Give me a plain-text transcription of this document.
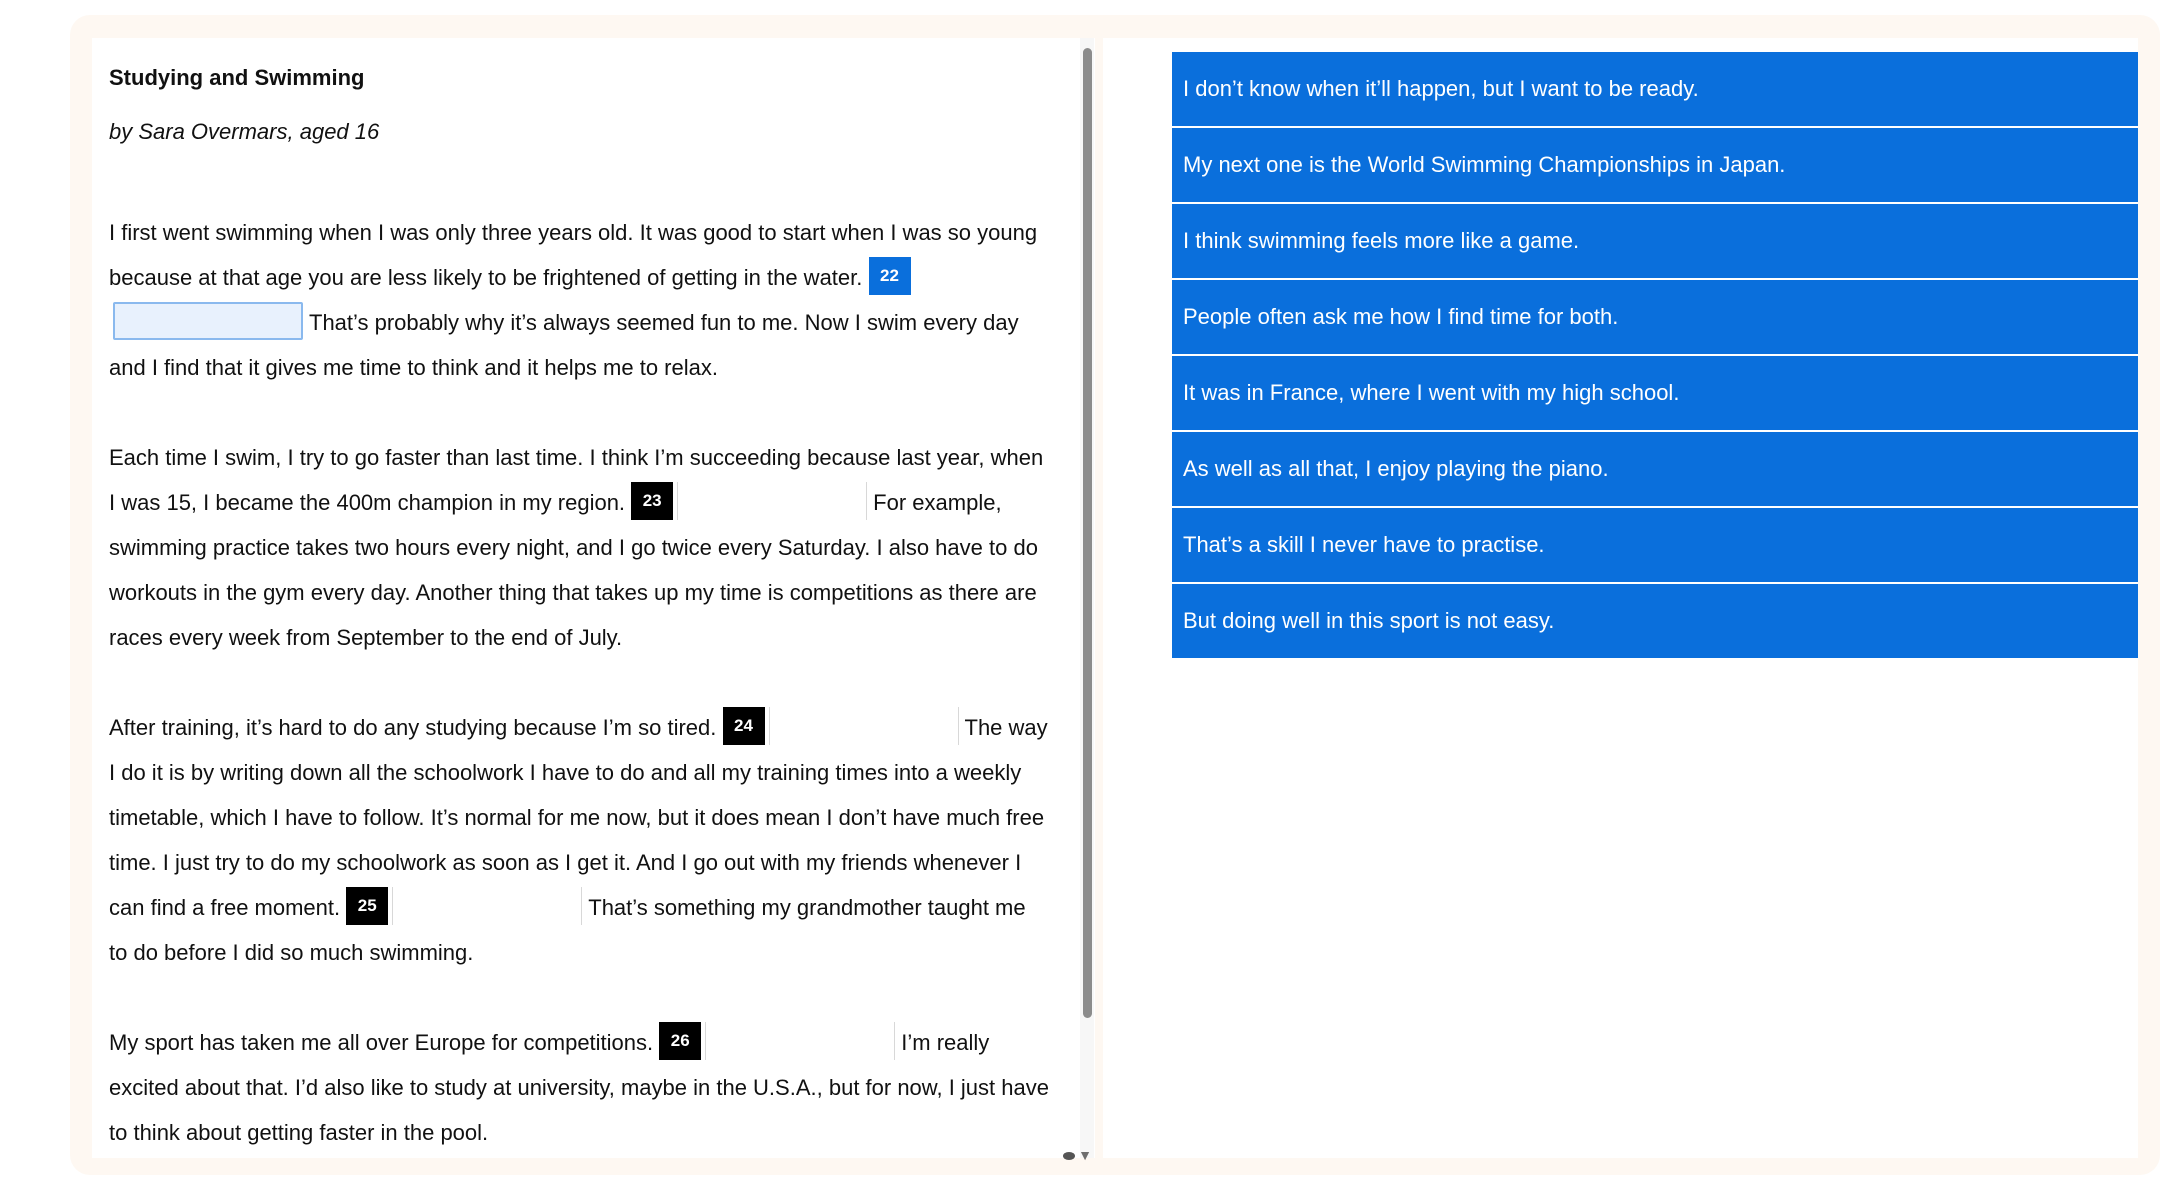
Studying and Swimming
by Sara Overmars, aged 16

I first went swimming when I was only three years old. It was good to start when I was so young because at that age you are less likely to be frightened of getting in the water. 22That’s probably why it’s always seemed fun to me. Now I swim every day and I find that it gives me time to think and it helps me to relax.

Each time I swim, I try to go faster than last time. I think I’m succeeding because last year, when I was 15, I became the 400m champion in my region. 23	For example, swimming practice takes two hours every night, and I go twice every Saturday. I also have to do workouts in the gym every day. Another thing that takes up my time is competitions as there are races every week from September to the end of July.

After training, it’s hard to do any studying because I’m so tired. 24	The way I do it is by writing down all the schoolwork I have to do and all my training times into a weekly timetable, which I have to follow. It’s normal for me now, but it does mean I don’t have much free time. I just try to do my schoolwork as soon as I get it. And I go out with my friends whenever I can find a free moment. 25	That’s something my grandmother taught me to do before I did so much swimming.

My sport has taken me all over Europe for competitions. 26	I’m really excited about that. I’d also like to study at university, maybe in the U.S.A., but for now, I just have to think about getting faster in the pool.

▼
I don’t know when it’ll happen, but I want to be ready.
My next one is the World Swimming Championships in Japan.
I think swimming feels more like a game.
People often ask me how I find time for both.
It was in France, where I went with my high school.
As well as all that, I enjoy playing the piano.
That’s a skill I never have to practise.
But doing well in this sport is not easy.
